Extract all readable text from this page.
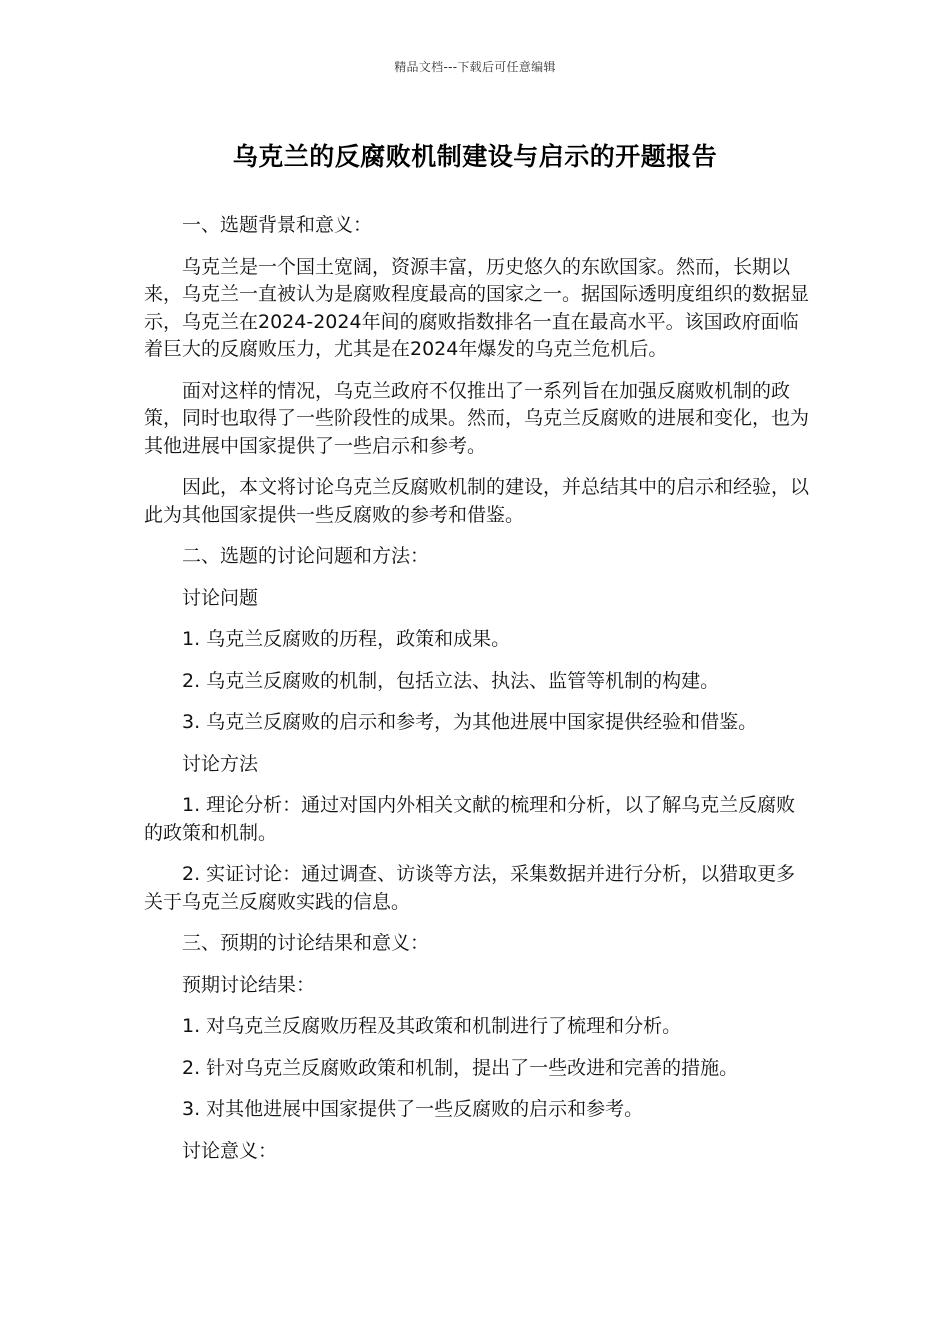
精品文档---下载后可任意编辑
乌克兰的反腐败机制建设与启示的开题报告

一、选题背景和意义：

乌克兰是一个国土宽阔，资源丰富，历史悠久的东欧国家。然而，长期以来，乌克兰一直被认为是腐败程度最高的国家之一。据国际透明度组织的数据显示，乌克兰在2024-2024年间的腐败指数排名一直在最高水平。该国政府面临着巨大的反腐败压力，尤其是在2024年爆发的乌克兰危机后。

面对这样的情况，乌克兰政府不仅推出了一系列旨在加强反腐败机制的政策，同时也取得了一些阶段性的成果。然而，乌克兰反腐败的进展和变化，也为其他进展中国家提供了一些启示和参考。

因此，本文将讨论乌克兰反腐败机制的建设，并总结其中的启示和经验，以此为其他国家提供一些反腐败的参考和借鉴。

二、选题的讨论问题和方法：

讨论问题

1. 乌克兰反腐败的历程，政策和成果。

2. 乌克兰反腐败的机制，包括立法、执法、监管等机制的构建。

3. 乌克兰反腐败的启示和参考，为其他进展中国家提供经验和借鉴。

讨论方法

1. 理论分析：通过对国内外相关文献的梳理和分析，以了解乌克兰反腐败的政策和机制。

2. 实证讨论：通过调查、访谈等方法，采集数据并进行分析，以猎取更多关于乌克兰反腐败实践的信息。

三、预期的讨论结果和意义：

预期讨论结果：

1. 对乌克兰反腐败历程及其政策和机制进行了梳理和分析。

2. 针对乌克兰反腐败政策和机制，提出了一些改进和完善的措施。

3. 对其他进展中国家提供了一些反腐败的启示和参考。

讨论意义：
